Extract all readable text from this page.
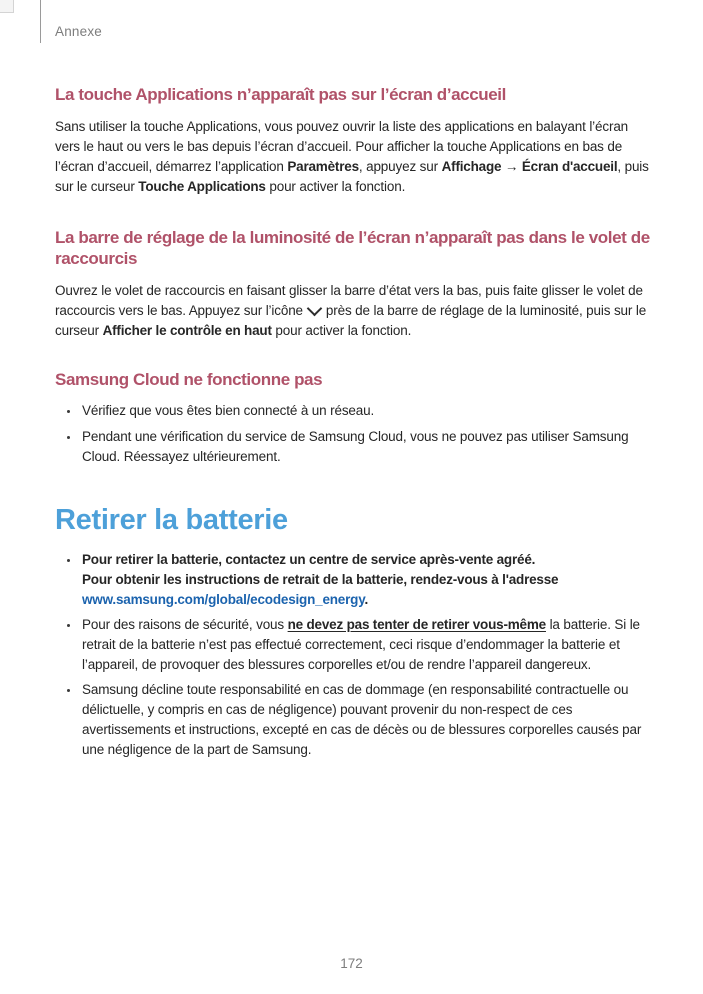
Annexe
La touche Applications n’apparaît pas sur l’écran d’accueil

Sans utiliser la touche Applications, vous pouvez ouvrir la liste des applications en balayant l’écran vers le haut ou vers le bas depuis l’écran d’accueil. Pour afficher la touche Applications en bas de l’écran d’accueil, démarrez l’application Paramètres, appuyez sur Affichage → Écran d'accueil, puis sur le curseur Touche Applications pour activer la fonction.

La barre de réglage de la luminosité de l’écran n’apparaît pas dans le volet de raccourcis

Ouvrez le volet de raccourcis en faisant glisser la barre d’état vers la bas, puis faite glisser le volet de raccourcis vers le bas. Appuyez sur l’icône près de la barre de réglage de la luminosité, puis sur le curseur Afficher le contrôle en haut pour activer la fonction.

Samsung Cloud ne fonctionne pas
Vérifiez que vous êtes bien connecté à un réseau.
Pendant une vérification du service de Samsung Cloud, vous ne pouvez pas utiliser Samsung Cloud. Réessayez ultérieurement.
Retirer la batterie
Pour retirer la batterie, contactez un centre de service après-vente agréé.
Pour obtenir les instructions de retrait de la batterie, rendez-vous à l'adresse
www.samsung.com/global/ecodesign_energy.
Pour des raisons de sécurité, vous ne devez pas tenter de retirer vous-même la batterie. Si le retrait de la batterie n’est pas effectué correctement, ceci risque d’endommager la batterie et l’appareil, de provoquer des blessures corporelles et/ou de rendre l’appareil dangereux.
Samsung décline toute responsabilité en cas de dommage (en responsabilité contractuelle ou délictuelle, y compris en cas de négligence) pouvant provenir du non-respect de ces avertissements et instructions, excepté en cas de décès ou de blessures corporelles causés par une négligence de la part de Samsung.
172
